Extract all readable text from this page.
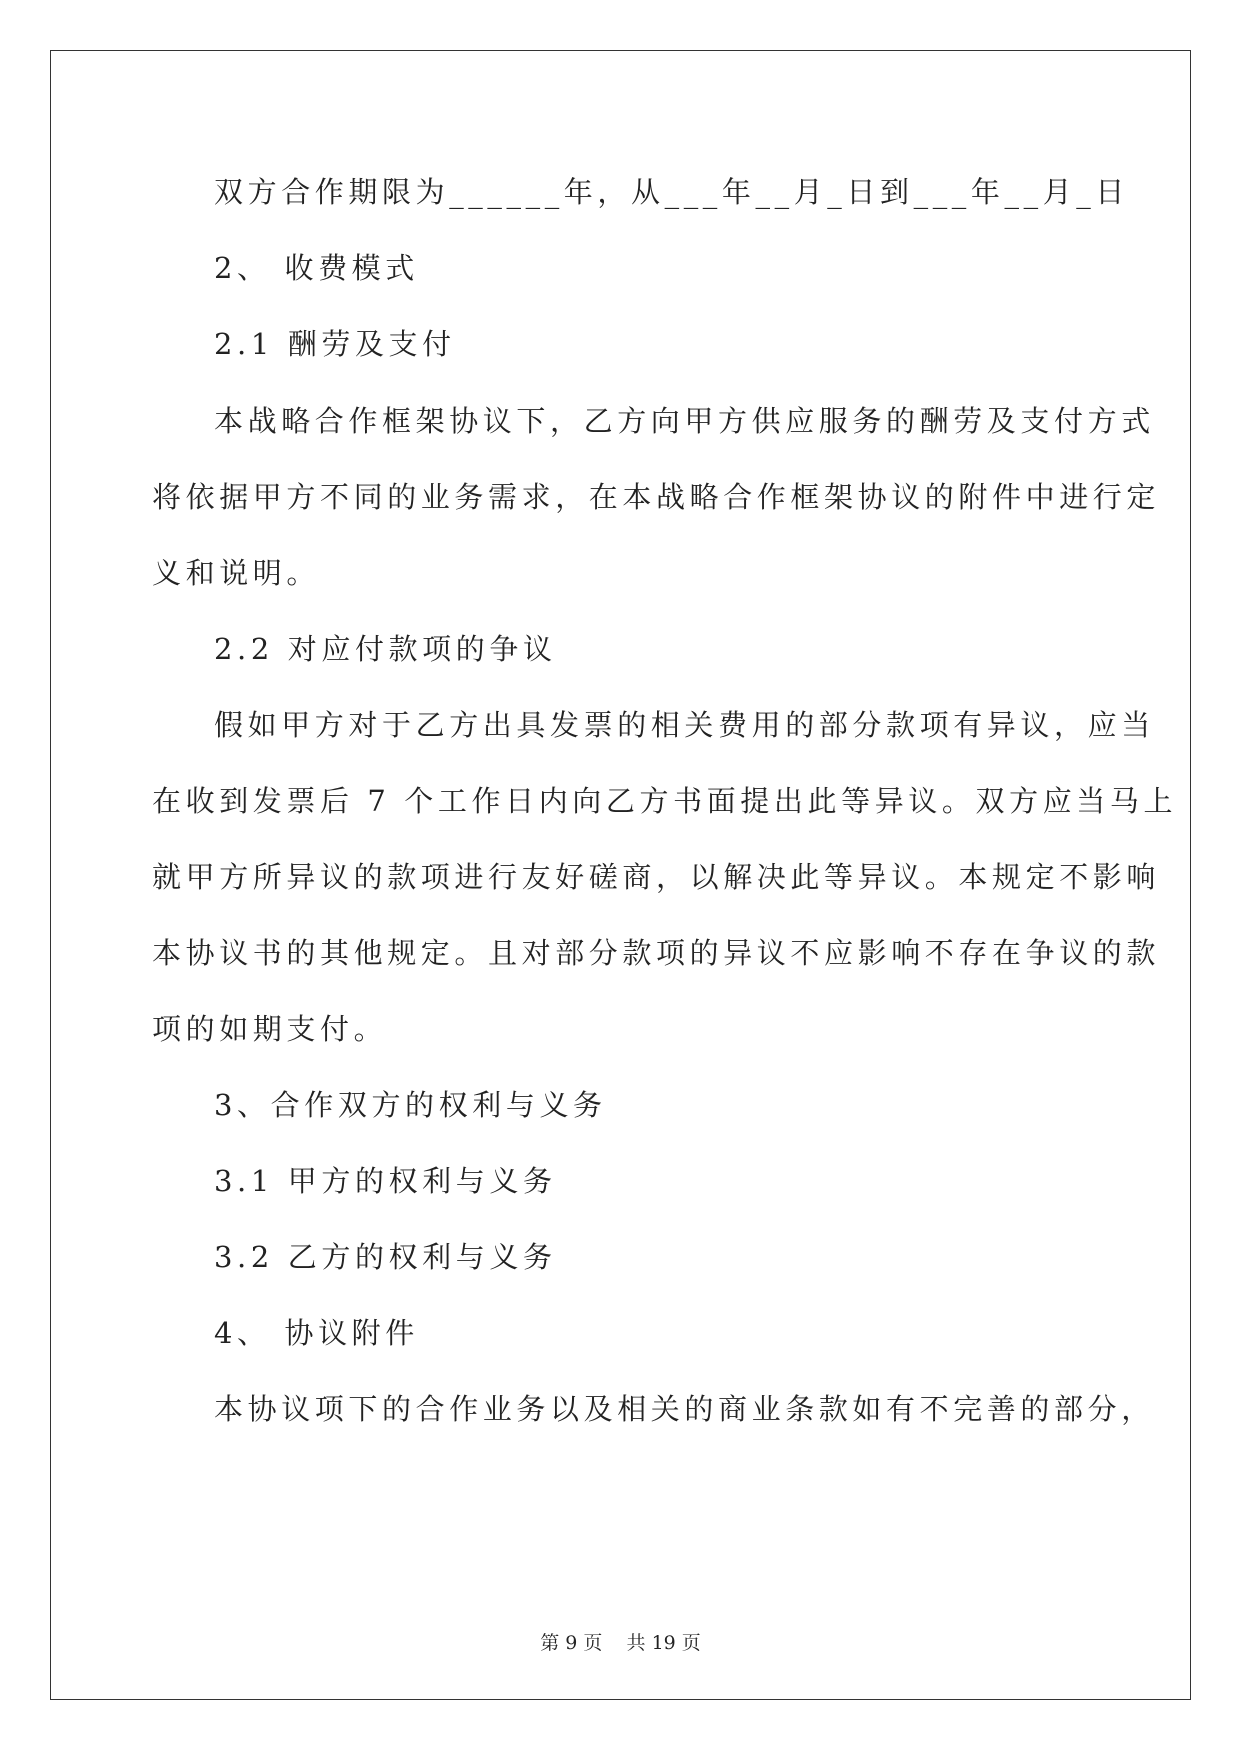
双方合作期限为______年，从___年__月_日到___年__月_日
2、 收费模式
2.1 酬劳及支付
本战略合作框架协议下，乙方向甲方供应服务的酬劳及支付方式
将依据甲方不同的业务需求，在本战略合作框架协议的附件中进行定
义和说明。
2.2 对应付款项的争议
假如甲方对于乙方出具发票的相关费用的部分款项有异议，应当
在收到发票后 7 个工作日内向乙方书面提出此等异议。双方应当马上
就甲方所异议的款项进行友好磋商，以解决此等异议。本规定不影响
本协议书的其他规定。且对部分款项的异议不应影响不存在争议的款
项的如期支付。
3、合作双方的权利与义务
3.1 甲方的权利与义务
3.2 乙方的权利与义务
4、 协议附件
本协议项下的合作业务以及相关的商业条款如有不完善的部分，
第 9 页 共 19 页
